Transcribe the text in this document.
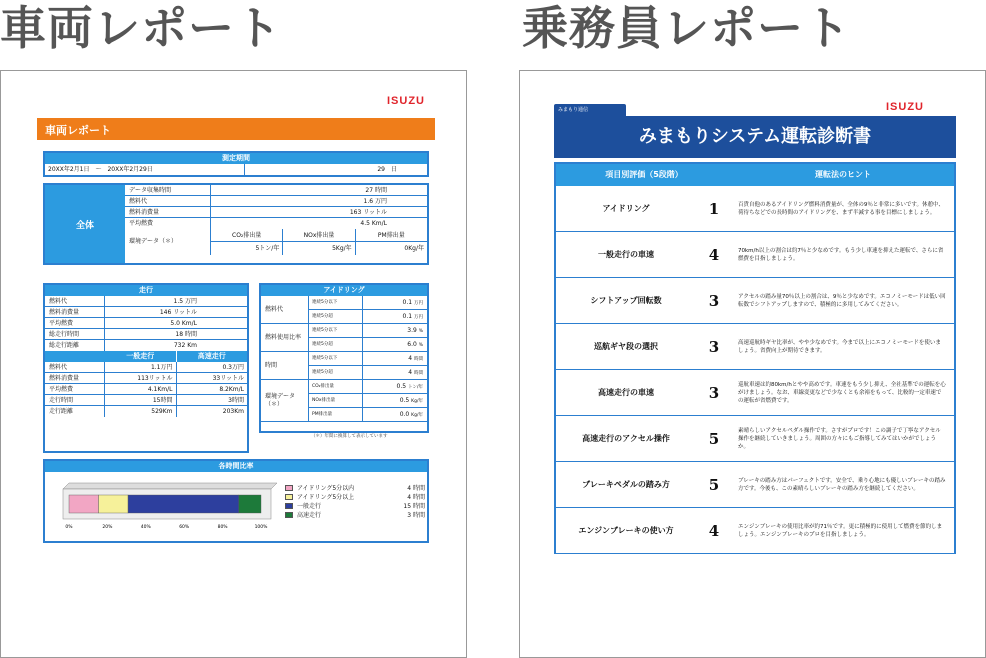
車両レポート	乗務員レポート
ISUZU
車両レポート
測定期間
20XX年2月1日　～　20XX年2月29日	29　 日
全体
データ収集時間	27 時間
燃料代	1.6 万円
燃料消費量	163 リットル
平均燃費	4.5 Km/L
環境データ（＊）
CO₂排出量	NOx排出量	PM排出量
5トン/年	5Kg/年	0Kg/年
走行
燃料代	1.5 万円
燃料消費量	146 リットル
平均燃費	5.0 Km/L
総走行時間	18 時間
総走行距離	732 Km
一般走行	高速走行
燃料代	1.1万円	0.3万円
燃料消費量	113リットル	33リットル
平均燃費	4.1Km/L	8.2Km/L
走行時間	15時間	3時間
走行距離	529Km	203Km
アイドリング
燃料代
連続5分以下	0.1 万円
連続5分超	0.1 万円
燃料使用比率
連続5分以下	3.9 %
連続5分超	6.0 %
時間
連続5分以下	4 時間
連続5分超	4 時間
環境データ（＊）
CO₂排出量	0.5 トン/年
NOx排出量	0.5 Kg/年
PM排出量	0.0 Kg/年
（＊）年間に換算して表示しています
各時間比率
0%	20%	40%	60%	80%	100%
アイドリング5分以内	4 時間
アイドリング5分以上	4 時間
一般走行	15 時間
高速走行	3 時間
ISUZU
みまもり通信
みまもりシステム運転診断書
項目別評価（5段階）	運転法のヒント
アイドリング	1	百貨自他のあるアイドリング燃料消費量が、全体の9％と非常に多いです。休憩中、荷待ちなどでの長時間のアイドリングを、まず半減する事を目標にしましょう。
一般走行の車速	4	70km/h以上の割合は約7％と少なめです。もう少し車速を抑えた運転で、さらに省燃費を目指しましょう。
シフトアップ回転数	3	アクセルの踏み量70％以上の割合は、9％と少なめです。エコノミーモードは低い回転数でシフトアップしますので、積極的に多用してみてください。
巡航ギヤ段の選択	3	高速巡航時ギヤ比率が、やや少なめです。今まで以上にエコノミーモードを使いましょう。省費向上が期待できます。
高速走行の車速	3	巡航車速は約80km/hとやや高めです。車速をもう少し抑え、全社基準での運転を心がけましょう。なお、車線変更などで少なくとも余裕をもって、比較的一定車速での運転が省燃費です。
高速走行のアクセル操作	5	素晴らしいアクセルペダル操作です。さすがプロです！この調子で丁寧なアクセル操作を継続していきましょう。周囲の方々にもご指導してみてはいかがでしょうか。
ブレーキペダルの踏み方	5	ブレーキの踏み方はパーフェクトです。安全で、乗り心地にも優しいブレーキの踏み方です。今後も、この素晴らしいブレーキの踏み方を継続してください。
エンジンブレーキの使い方	4	エンジンブレーキの使用比率が約71％です。更に積極的に使用して燃費を節約しましょう。エンジンブレーキのプロを目指しましょう。
